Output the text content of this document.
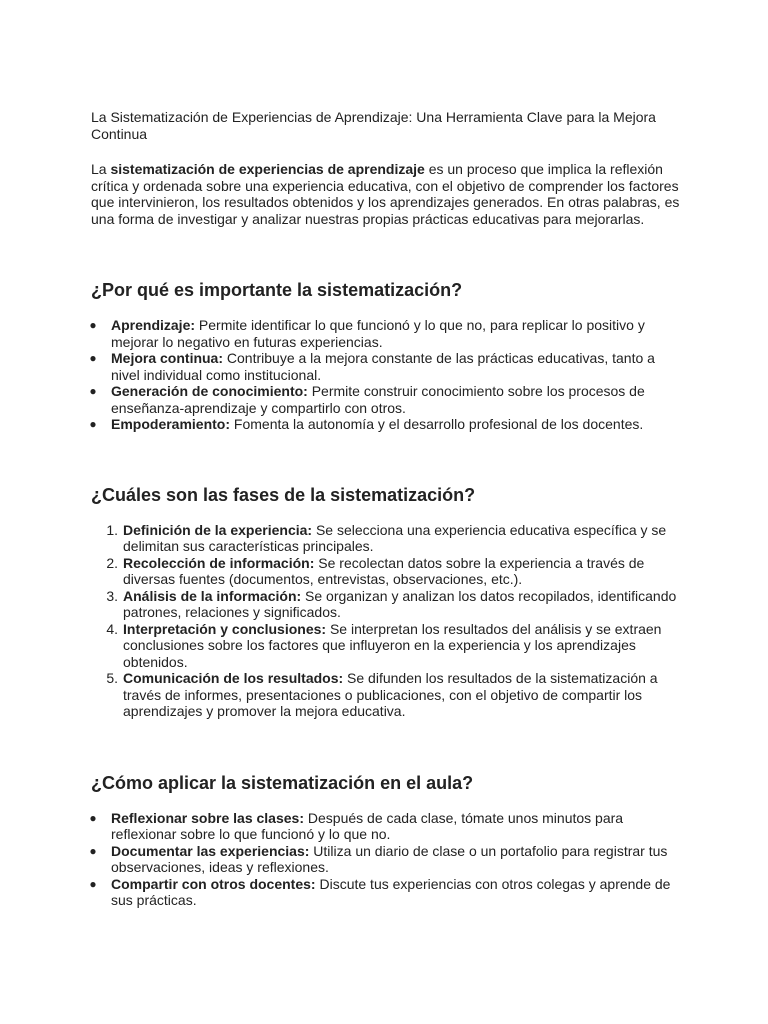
La Sistematización de Experiencias de Aprendizaje: Una Herramienta Clave para la Mejora Continua

La sistematización de experiencias de aprendizaje es un proceso que implica la reflexión crítica y ordenada sobre una experiencia educativa, con el objetivo de comprender los factores que intervinieron, los resultados obtenidos y los aprendizajes generados. En otras palabras, es una forma de investigar y analizar nuestras propias prácticas educativas para mejorarlas.

¿Por qué es importante la sistematización?
● Aprendizaje: Permite identificar lo que funcionó y lo que no, para replicar lo positivo y mejorar lo negativo en futuras experiencias.
● Mejora continua: Contribuye a la mejora constante de las prácticas educativas, tanto a nivel individual como institucional.
● Generación de conocimiento: Permite construir conocimiento sobre los procesos de enseñanza-aprendizaje y compartirlo con otros.
● Empoderamiento: Fomenta la autonomía y el desarrollo profesional de los docentes.
¿Cuáles son las fases de la sistematización?
1. Definición de la experiencia: Se selecciona una experiencia educativa específica y se delimitan sus características principales.
2. Recolección de información: Se recolectan datos sobre la experiencia a través de diversas fuentes (documentos, entrevistas, observaciones, etc.).
3. Análisis de la información: Se organizan y analizan los datos recopilados, identificando patrones, relaciones y significados.
4. Interpretación y conclusiones: Se interpretan los resultados del análisis y se extraen conclusiones sobre los factores que influyeron en la experiencia y los aprendizajes obtenidos.
5. Comunicación de los resultados: Se difunden los resultados de la sistematización a través de informes, presentaciones o publicaciones, con el objetivo de compartir los aprendizajes y promover la mejora educativa.
¿Cómo aplicar la sistematización en el aula?
● Reflexionar sobre las clases: Después de cada clase, tómate unos minutos para reflexionar sobre lo que funcionó y lo que no.
● Documentar las experiencias: Utiliza un diario de clase o un portafolio para registrar tus observaciones, ideas y reflexiones.
● Compartir con otros docentes: Discute tus experiencias con otros colegas y aprende de sus prácticas.
